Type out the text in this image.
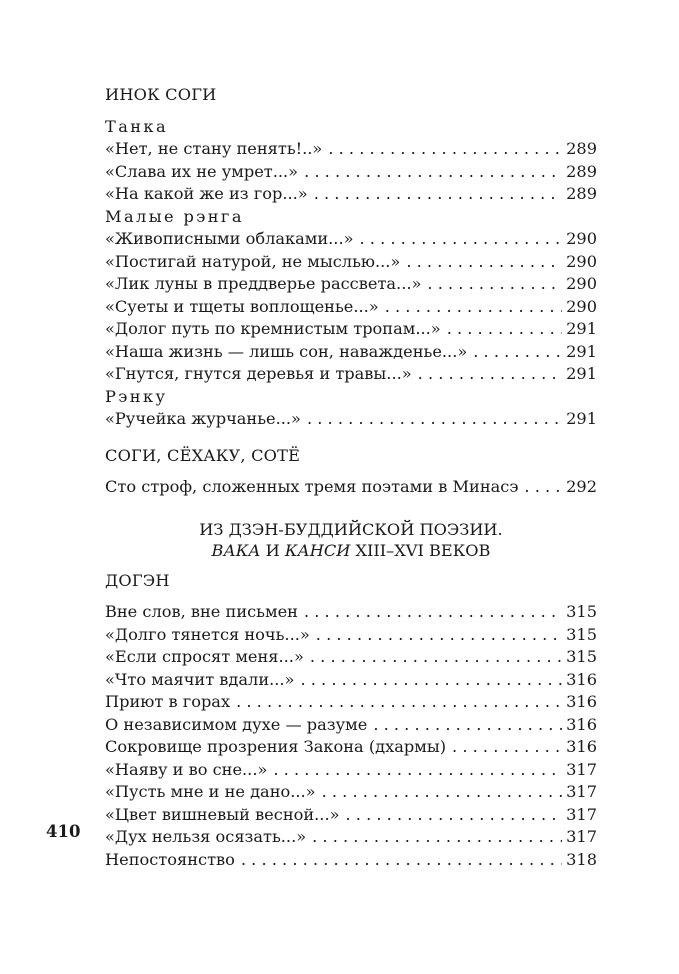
ИНОК СОГИ
Танка
«Нет, не стану пенять!..» . . .	289
«Слава их не умрет...» . . .	289
«На какой же из гор...» . . .	289
Малые рэнга
«Живописными облаками...» . . .	290
«Постигай натурой, не мыслью...» . . .	290
«Лик луны в преддверье рассвета...» . . .	290
«Суеты и тщеты воплощенье...» . . .	290
«Долог путь по кремнистым тропам...» . . .	291
«Наша жизнь — лишь сон, наважденье...» . . .	291
«Гнутся, гнутся деревья и травы...» . . .	291
Рэнку
«Ручейка журчанье...» . . .	291
СОГИ, СЁХАКУ, СОТЁ
Сто строф, сложенных тремя поэтами в Минасэ . . .	292
ИЗ ДЗЭН-БУДДИЙСКОЙ ПОЭЗИИ.
ВАКА И КАНСИ XIII–XVI ВЕКОВ
ДОГЭН
Вне слов, вне письмен . . .	315
«Долго тянется ночь...» . . .	315
«Если спросят меня...» . . .	315
«Что маячит вдали...» . . .	316
Приют в горах . . .	316
О независимом духе — разуме . . .	316
Сокровище прозрения Закона (дхармы) . . .	316
«Наяву и во сне...» . . .	317
«Пусть мне и не дано...» . . .	317
«Цвет вишневый весной...» . . .	317
«Дух нельзя осязать...» . . .	317
Непостоянство . . .	318
410
